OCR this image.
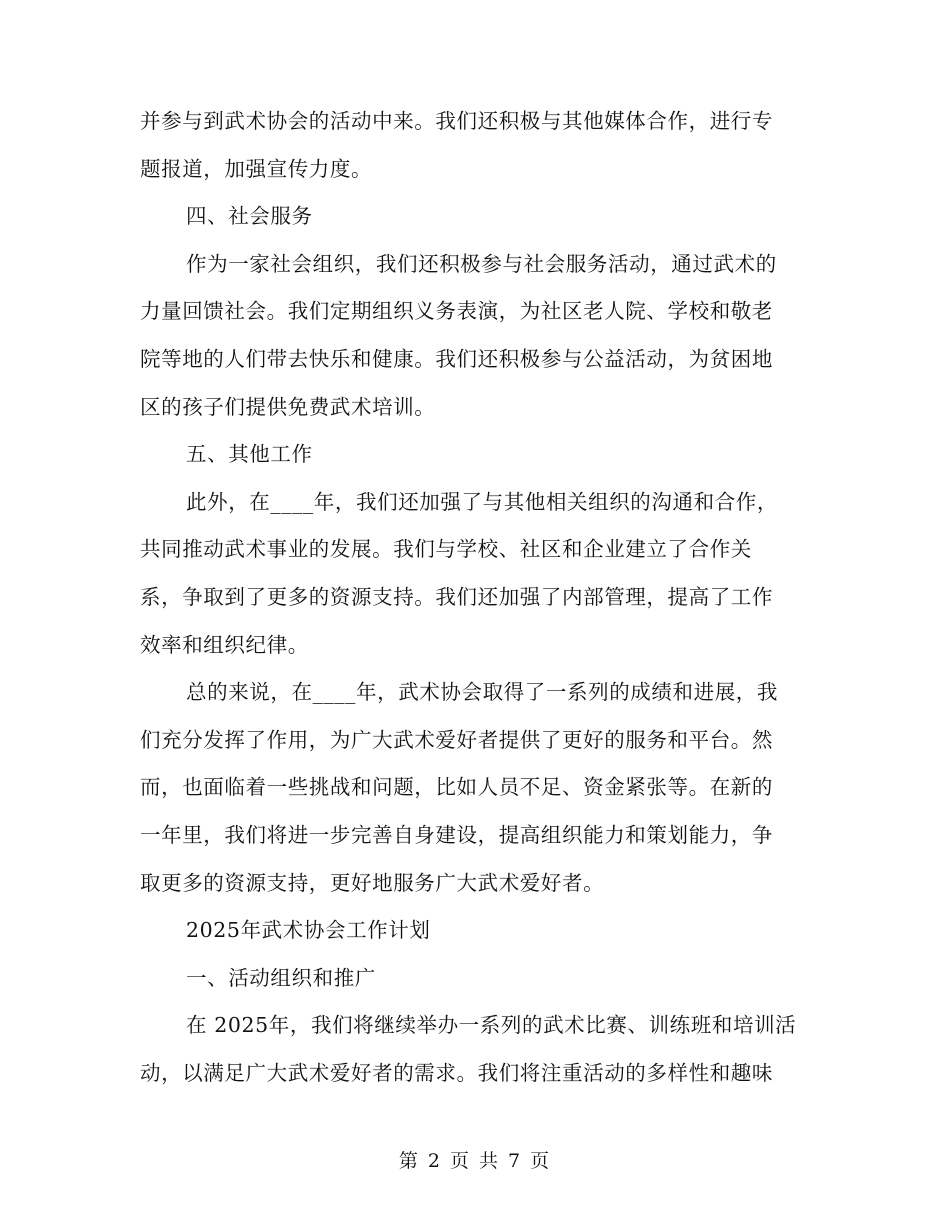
并参与到武术协会的活动中来。我们还积极与其他媒体合作，进行专
题报道，加强宣传力度。
四、社会服务
作为一家社会组织，我们还积极参与社会服务活动，通过武术的
力量回馈社会。我们定期组织义务表演，为社区老人院、学校和敬老
院等地的人们带去快乐和健康。我们还积极参与公益活动，为贫困地
区的孩子们提供免费武术培训。
五、其他工作
此外，在____年，我们还加强了与其他相关组织的沟通和合作，
共同推动武术事业的发展。我们与学校、社区和企业建立了合作关
系，争取到了更多的资源支持。我们还加强了内部管理，提高了工作
效率和组织纪律。
总的来说，在____年，武术协会取得了一系列的成绩和进展，我
们充分发挥了作用，为广大武术爱好者提供了更好的服务和平台。然
而，也面临着一些挑战和问题，比如人员不足、资金紧张等。在新的
一年里，我们将进一步完善自身建设，提高组织能力和策划能力，争
取更多的资源支持，更好地服务广大武术爱好者。
2025年武术协会工作计划
一、活动组织和推广
在 2025年，我们将继续举办一系列的武术比赛、训练班和培训活
动，以满足广大武术爱好者的需求。我们将注重活动的多样性和趣味
第 2 页 共 7 页
